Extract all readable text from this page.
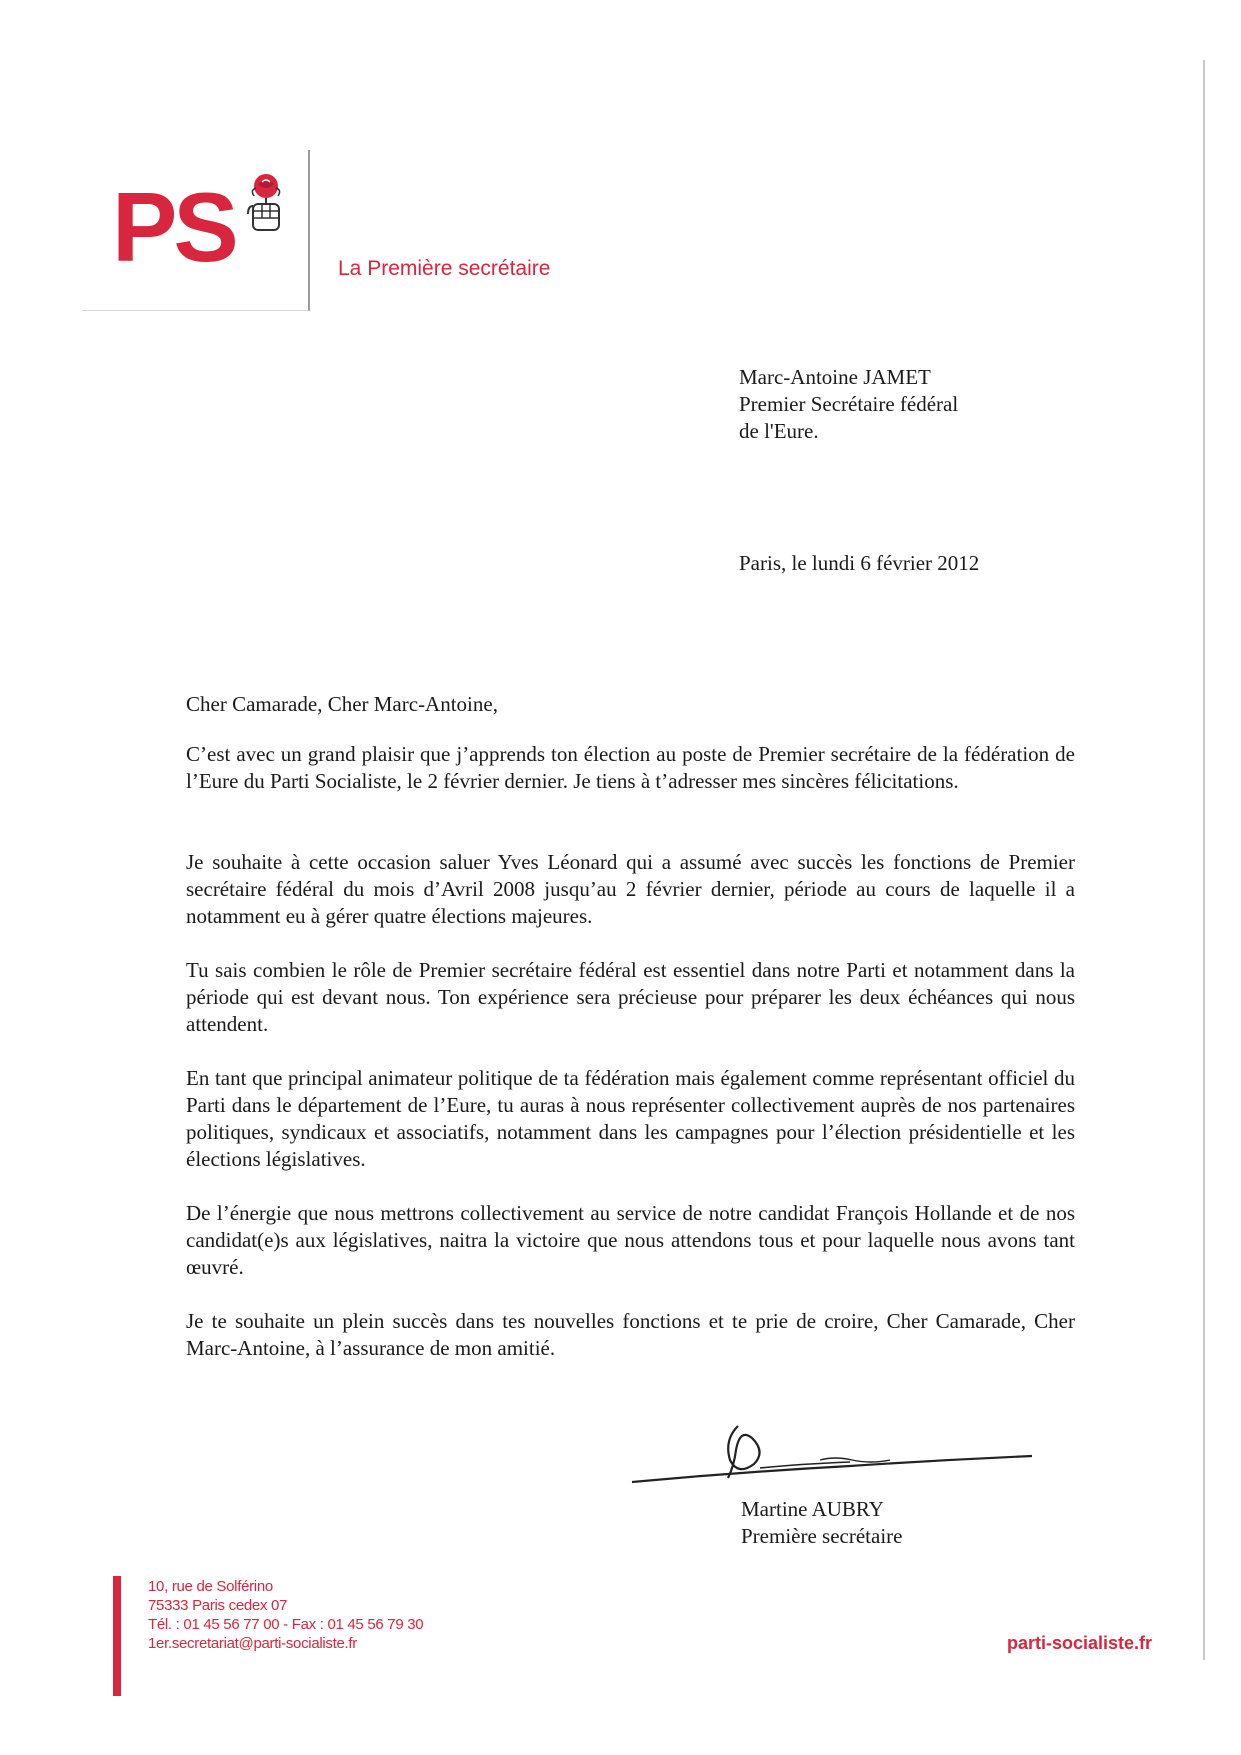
PS	La Première secrétaire
Marc-Antoine JAMET
Premier Secrétaire fédéral
de l'Eure.
Paris, le lundi 6 février 2012
Cher Camarade, Cher Marc-Antoine,
C’est avec un grand plaisir que j’apprends ton élection au poste de Premier secrétaire de la fédération de l’Eure du Parti Socialiste, le 2 février dernier. Je tiens à t’adresser mes sincères félicitations.
Je souhaite à cette occasion saluer Yves Léonard qui a assumé avec succès les fonctions de Premier secrétaire fédéral du mois d’Avril 2008 jusqu’au 2 février dernier, période au cours de laquelle il a notamment eu à gérer quatre élections majeures.
Tu sais combien le rôle de Premier secrétaire fédéral est essentiel dans notre Parti et notamment dans la période qui est devant nous. Ton expérience sera précieuse pour préparer les deux échéances qui nous attendent.
En tant que principal animateur politique de ta fédération mais également comme représentant officiel du Parti dans le département de l’Eure, tu auras à nous représenter collectivement auprès de nos partenaires politiques, syndicaux et associatifs, notamment dans les campagnes pour l’élection présidentielle et les élections législatives.
De l’énergie que nous mettrons collectivement au service de notre candidat François Hollande et de nos candidat(e)s aux législatives, naitra la victoire que nous attendons tous et pour laquelle nous avons tant œuvré.
Je te souhaite un plein succès dans tes nouvelles fonctions et te prie de croire, Cher Camarade, Cher Marc-Antoine, à l’assurance de mon amitié.
Martine AUBRY
Première secrétaire
10, rue de Solférino
75333 Paris cedex 07
Tél. : 01 45 56 77 00 - Fax : 01 45 56 79 30
1er.secretariat@parti-socialiste.fr	parti-socialiste.fr
